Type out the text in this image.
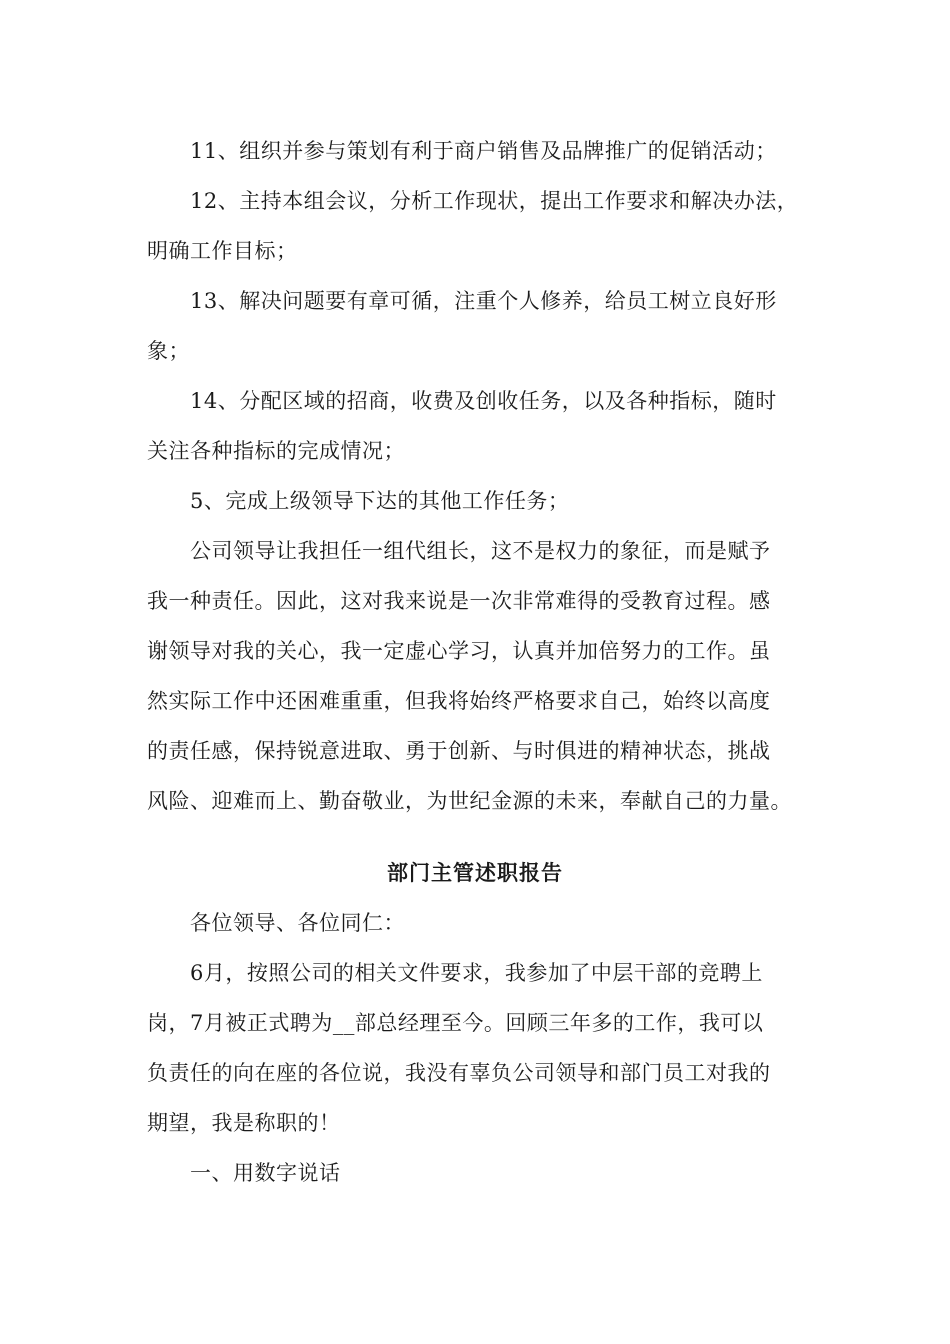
11、组织并参与策划有利于商户销售及品牌推广的促销活动；
12、主持本组会议，分析工作现状，提出工作要求和解决办法，
明确工作目标；
13、解决问题要有章可循，注重个人修养，给员工树立良好形
象；
14、分配区域的招商，收费及创收任务，以及各种指标，随时
关注各种指标的完成情况；
5、完成上级领导下达的其他工作任务；
公司领导让我担任一组代组长，这不是权力的象征，而是赋予
我一种责任。因此，这对我来说是一次非常难得的受教育过程。感
谢领导对我的关心，我一定虚心学习，认真并加倍努力的工作。虽
然实际工作中还困难重重，但我将始终严格要求自己，始终以高度
的责任感，保持锐意进取、勇于创新、与时俱进的精神状态，挑战
风险、迎难而上、勤奋敬业，为世纪金源的未来，奉献自己的力量。
部门主管述职报告
各位领导、各位同仁：
6月，按照公司的相关文件要求，我参加了中层干部的竞聘上
岗，7月被正式聘为__部总经理至今。回顾三年多的工作，我可以
负责任的向在座的各位说，我没有辜负公司领导和部门员工对我的
期望，我是称职的！
一、用数字说话
